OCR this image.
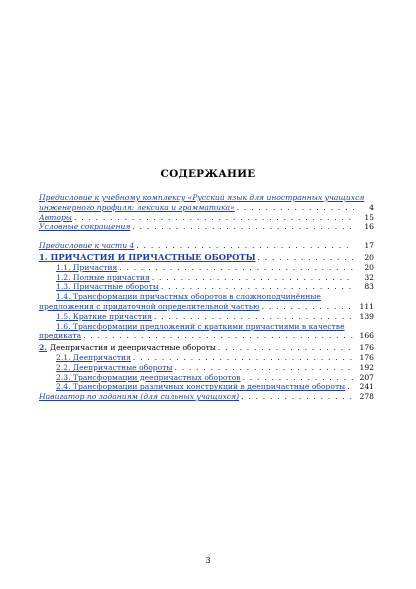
СОДЕРЖАНИЕ
Предисловие к учебному комплексу «Русский язык для иностранных учащихся
инженерного профиля: лексика и грамматика» . . .	4
Авторы . . .	15
Условные сокращения . . .	16
Предисловие к части 4 . . .	17
1. ПРИЧАСТИЯ И ПРИЧАСТНЫЕ ОБОРОТЫ . . .	20
1.1. Причастия . . .	20
1.2. Полные причастия . . .	32
1.3. Причастные обороты . . .	83
1.4. Трансформации причастных оборотов в сложноподчинённые
предложения с придаточной определительной частью . . .	111
1.5. Краткие причастия . . .	139
1.6. Трансформации предложений с краткими причастиями в качестве
предиката . . .	166
2. Деепричастия и деепричастные обороты . . .	176
2.1. Деепричастия . . .	176
2.2. Деепричастные обороты . . .	192
2.3. Трансформации деепричастных оборотов . . .	207
2.4. Трансформации различных конструкций в деепричастные обороты . . .	241
Навигатор по заданиям (для сильных учащихся) . . .	278
3
